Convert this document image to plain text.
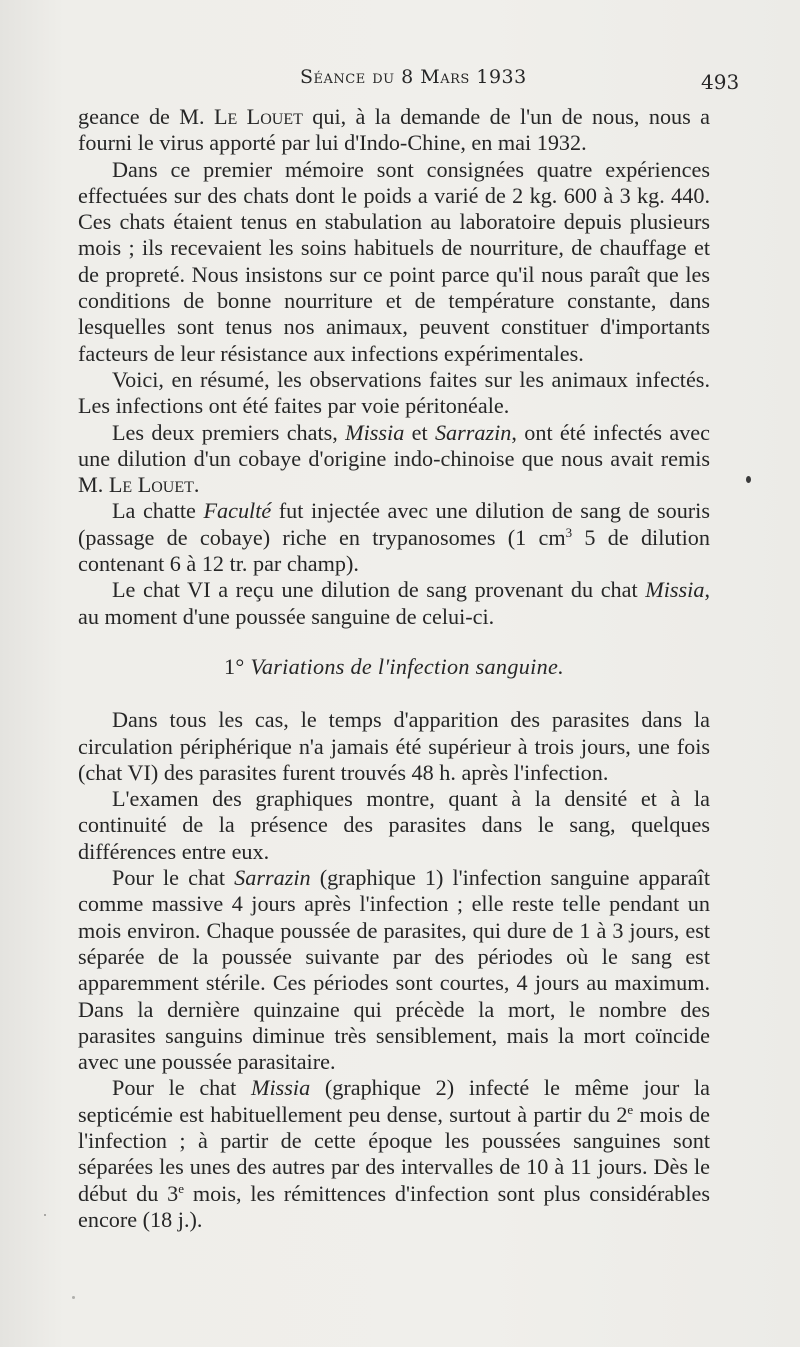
Séance du 8 Mars 1933	493

geance de M. Le Louet qui, à la demande de l'un de nous, nous a fourni le virus apporté par lui d'Indo-Chine, en mai 1932.

Dans ce premier mémoire sont consignées quatre expériences effectuées sur des chats dont le poids a varié de 2 kg. 600 à 3 kg. 440. Ces chats étaient tenus en stabulation au laboratoire depuis plusieurs mois ; ils recevaient les soins habituels de nourriture, de chauffage et de propreté. Nous insistons sur ce point parce qu'il nous paraît que les conditions de bonne nourriture et de température constante, dans lesquelles sont tenus nos animaux, peuvent constituer d'importants facteurs de leur résistance aux infections expérimentales.

Voici, en résumé, les observations faites sur les animaux infectés. Les infections ont été faites par voie péritonéale.

Les deux premiers chats, Missia et Sarrazin, ont été infectés avec une dilution d'un cobaye d'origine indo-chinoise que nous avait remis M. Le Louet.

La chatte Faculté fut injectée avec une dilution de sang de souris (passage de cobaye) riche en trypanosomes (1 $cm^3$ 5 de dilution contenant 6 à 12 tr. par champ).

Le chat VI a reçu une dilution de sang provenant du chat Missia, au moment d'une poussée sanguine de celui-ci.

1° Variations de l'infection sanguine.

Dans tous les cas, le temps d'apparition des parasites dans la circulation périphérique n'a jamais été supérieur à trois jours, une fois (chat VI) des parasites furent trouvés 48 h. après l'infection.

L'examen des graphiques montre, quant à la densité et à la continuité de la présence des parasites dans le sang, quelques différences entre eux.

Pour le chat Sarrazin (graphique 1) l'infection sanguine apparaît comme massive 4 jours après l'infection ; elle reste telle pendant un mois environ. Chaque poussée de parasites, qui dure de 1 à 3 jours, est séparée de la poussée suivante par des périodes où le sang est apparemment stérile. Ces périodes sont courtes, 4 jours au maximum. Dans la dernière quinzaine qui précède la mort, le nombre des parasites sanguins diminue très sensiblement, mais la mort coïncide avec une poussée parasitaire.

Pour le chat Missia (graphique 2) infecté le même jour la septicémie est habituellement peu dense, surtout à partir du 2e mois de l'infection ; à partir de cette époque les poussées sanguines sont séparées les unes des autres par des intervalles de 10 à 11 jours. Dès le début du 3e mois, les rémittences d'infection sont plus considérables encore (18 j.).
